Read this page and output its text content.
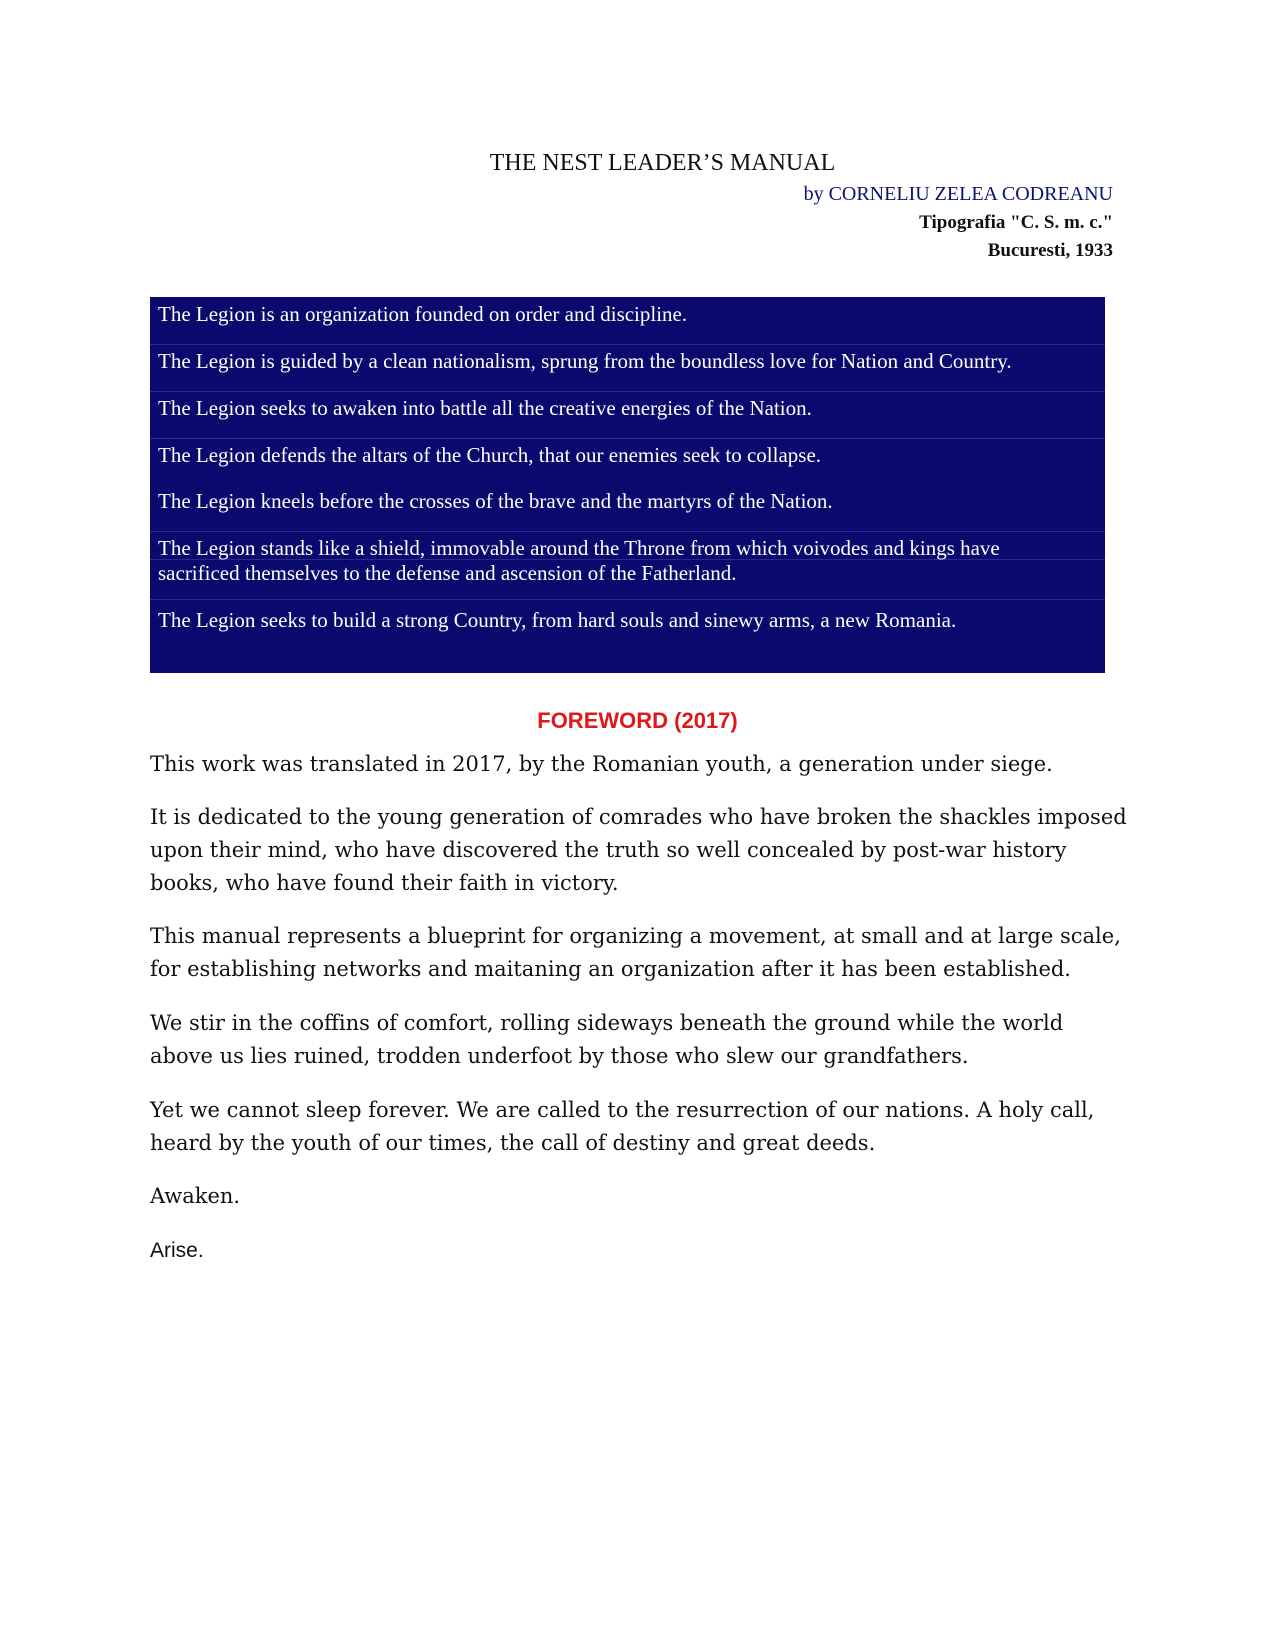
THE NEST LEADER’S MANUAL
by CORNELIU ZELEA CODREANU
Tipografia "C. S. m. c."
Bucuresti, 1933
The Legion is an organization founded on order and discipline.
The Legion is guided by a clean nationalism, sprung from the boundless love for Nation and Country.
The Legion seeks to awaken into battle all the creative energies of the Nation.
The Legion defends the altars of the Church, that our enemies seek to collapse.
The Legion kneels before the crosses of the brave and the martyrs of the Nation.
The Legion stands like a shield, immovable around the Throne from which voivodes and kings have
sacrificed themselves to the defense and ascension of the Fatherland.
The Legion seeks to build a strong Country, from hard souls and sinewy arms, a new Romania.
FOREWORD (2017)

This work was translated in 2017, by the Romanian youth, a generation under siege.

It is dedicated to the young generation of comrades who have broken the shackles imposed upon their mind, who have discovered the truth so well concealed by post-war history books, who have found their faith in victory.

This manual represents a blueprint for organizing a movement, at small and at large scale, for establishing networks and maitaning an organization after it has been established.

We stir in the coffins of comfort, rolling sideways beneath the ground while the world above us lies ruined, trodden underfoot by those who slew our grandfathers.

Yet we cannot sleep forever. We are called to the resurrection of our nations. A holy call, heard by the youth of our times, the call of destiny and great deeds.

Awaken.

Arise.
